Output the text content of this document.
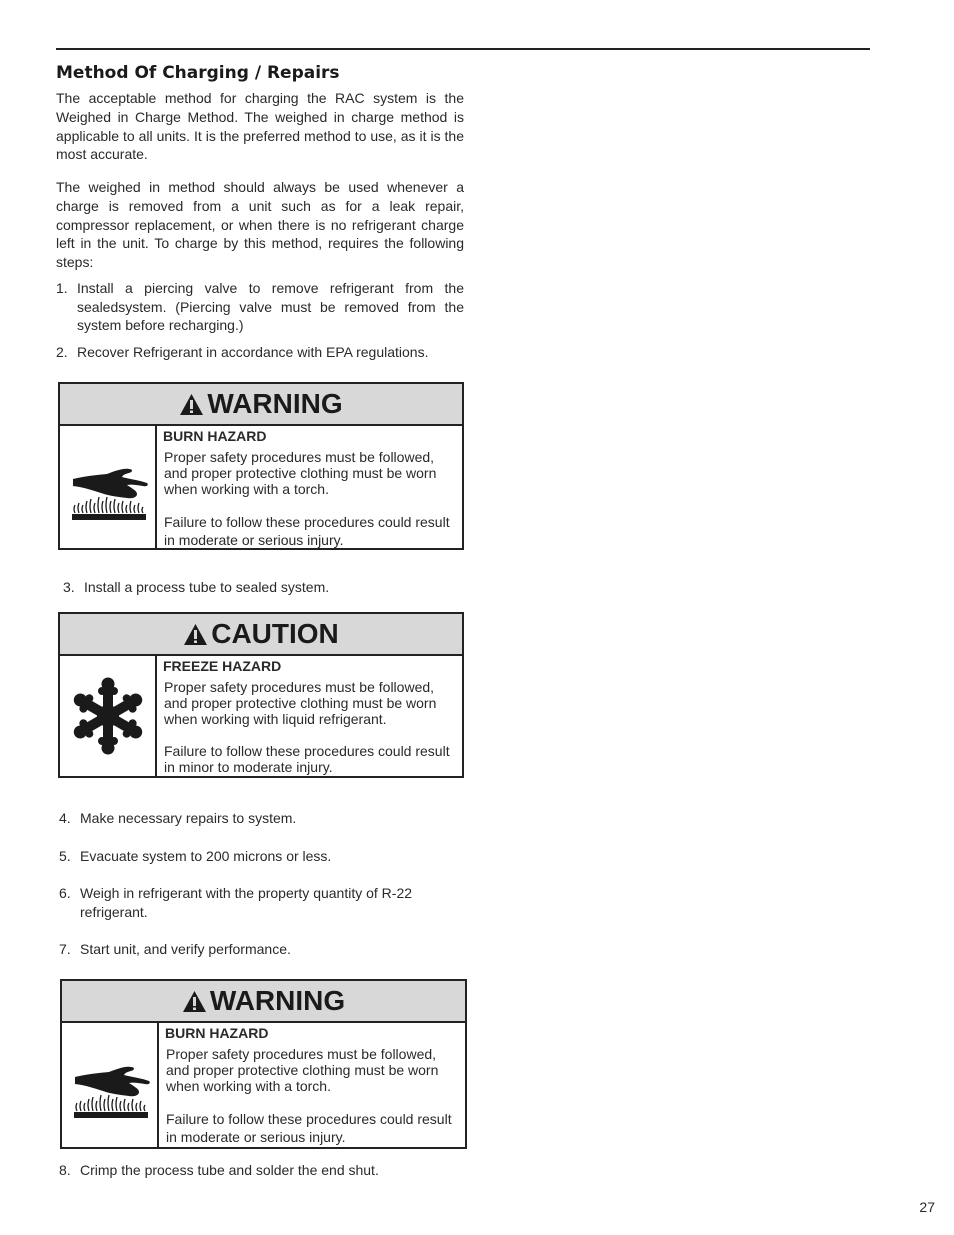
Method Of Charging / Repairs

The acceptable method for charging the RAC system is the Weighed in Charge Method. The weighed in charge method is applicable to all units. It is the preferred method to use, as it is the most accurate.

The weighed in method should always be used whenever a charge is removed from a unit such as for a leak repair, compressor replacement, or when there is no refrigerant charge left in the unit. To charge by this method, requires the following steps:

1. Install a piercing valve to remove refrigerant from the sealedsystem. (Piercing valve must be removed from the system before recharging.)
2. Recover Refrigerant in accordance with EPA regulations.
WARNING
BURN HAZARD

Proper safety procedures must be followed, and proper protective clothing must be worn when working with a torch.

Failure to follow these procedures could result in moderate or serious injury.

3. Install a process tube to sealed system.
CAUTION
FREEZE HAZARD

Proper safety procedures must be followed, and proper protective clothing must be worn when working with liquid refrigerant.

Failure to follow these procedures could result in minor to moderate injury.

4. Make necessary repairs to system.
5. Evacuate system to 200 microns or less.
6. Weigh in refrigerant with the property quantity of R-22 refrigerant.
7. Start unit, and verify performance.
WARNING
BURN HAZARD

Proper safety procedures must be followed, and proper protective clothing must be worn when working with a torch.

Failure to follow these procedures could result in moderate or serious injury.

8. Crimp the process tube and solder the end shut.
27
